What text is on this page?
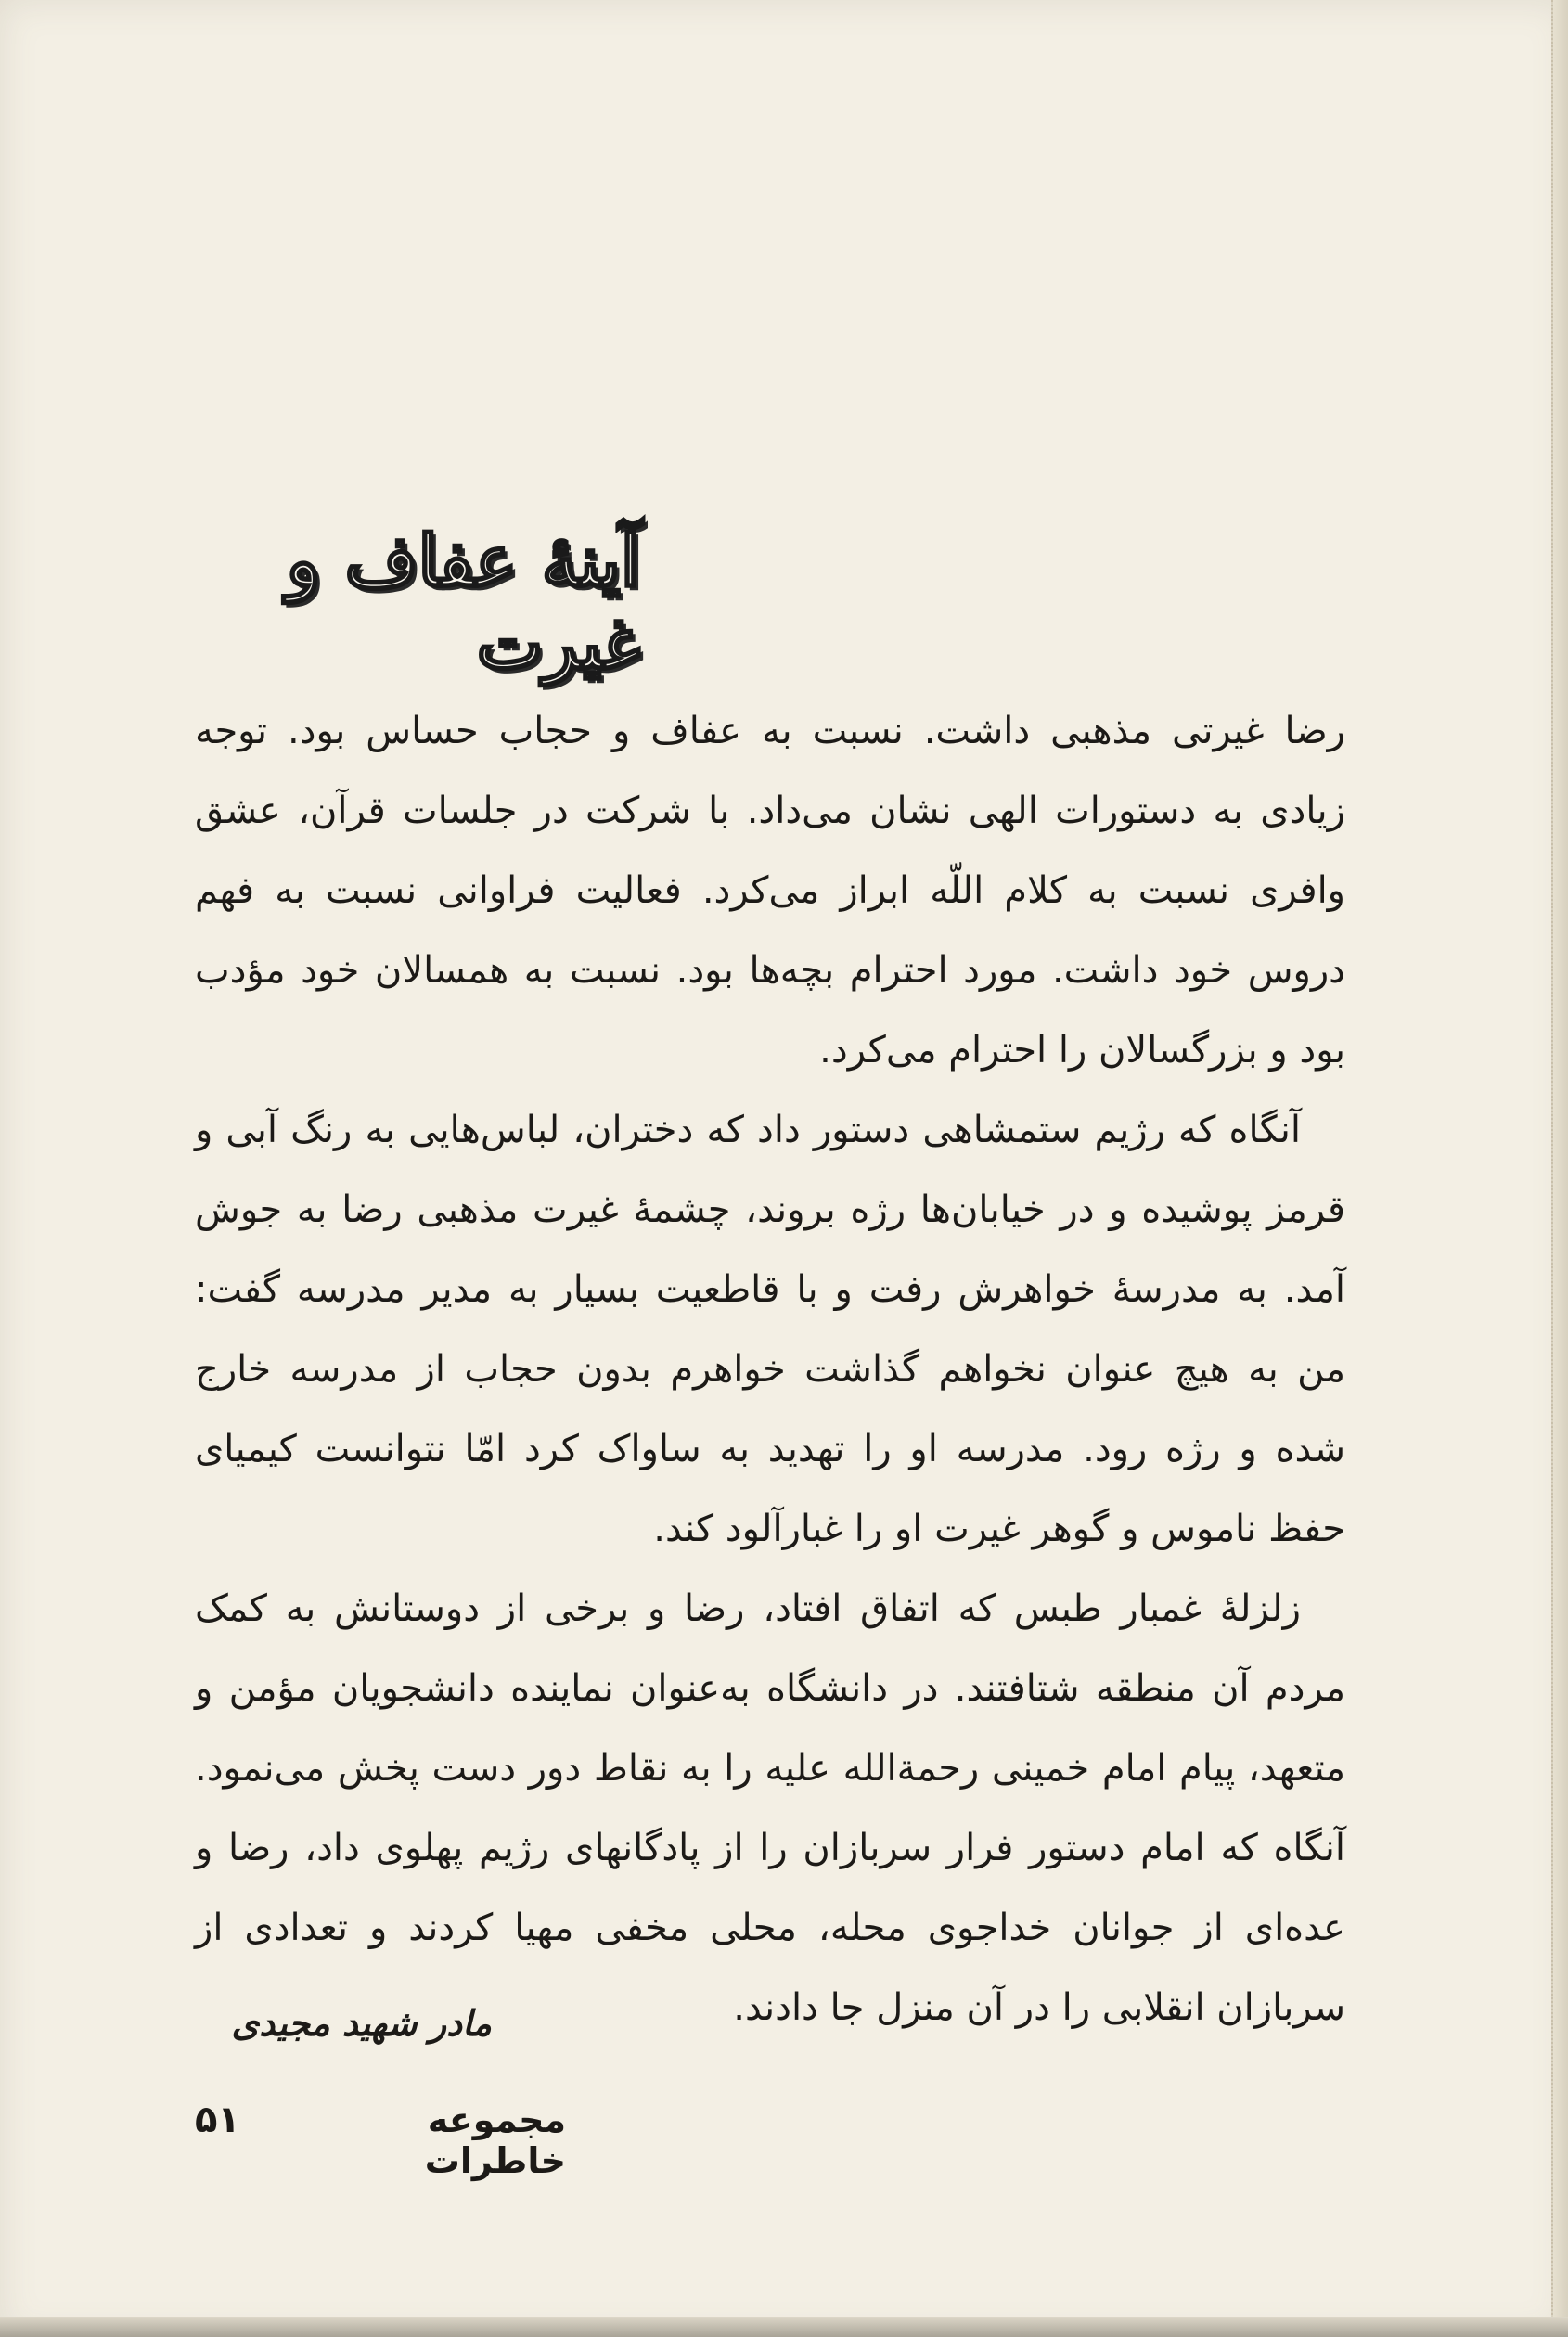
آینهٔ عفاف و غیرت

رضا غیرتی مذهبی داشت. نسبت به عفاف و حجاب حساس بود. توجه زیادی به دستورات الهی نشان می‌داد. با شرکت در جلسات قرآن، عشق وافری نسبت به کلام اللّه ابراز می‌کرد. فعالیت فراوانی نسبت به فهم دروس خود داشت. مورد احترام بچه‌ها بود. نسبت به همسالان خود مؤدب بود و بزرگسالان را احترام می‌کرد.

آنگاه که رژیم ستمشاهی دستور داد که دختران، لباس‌هایی به رنگ آبی و قرمز پوشیده و در خیابان‌ها رژه بروند، چشمهٔ غیرت مذهبی رضا به جوش آمد. به مدرسهٔ خواهرش رفت و با قاطعیت بسیار به مدیر مدرسه گفت: من به هیچ عنوان نخواهم گذاشت خواهرم بدون حجاب از مدرسه خارج شده و رژه رود. مدرسه او را تهدید به ساواک کرد امّا نتوانست کیمیای حفظ ناموس و گوهر غیرت او را غبارآلود کند.

زلزلهٔ غمبار طبس که اتفاق افتاد، رضا و برخی از دوستانش به کمک مردم آن منطقه شتافتند. در دانشگاه به‌عنوان نماینده دانشجویان مؤمن و متعهد، پیام امام خمینی رحمة‌الله علیه را به نقاط دور دست پخش می‌نمود. آنگاه که امام دستور فرار سربازان را از پادگانهای رژیم پهلوی داد، رضا و عده‌ای از جوانان خداجوی محله، محلی مخفی مهیا کردند و تعدادی از سربازان انقلابی را در آن منزل جا دادند.

مادر شهید مجیدی
مجموعه خاطرات
۵۱
